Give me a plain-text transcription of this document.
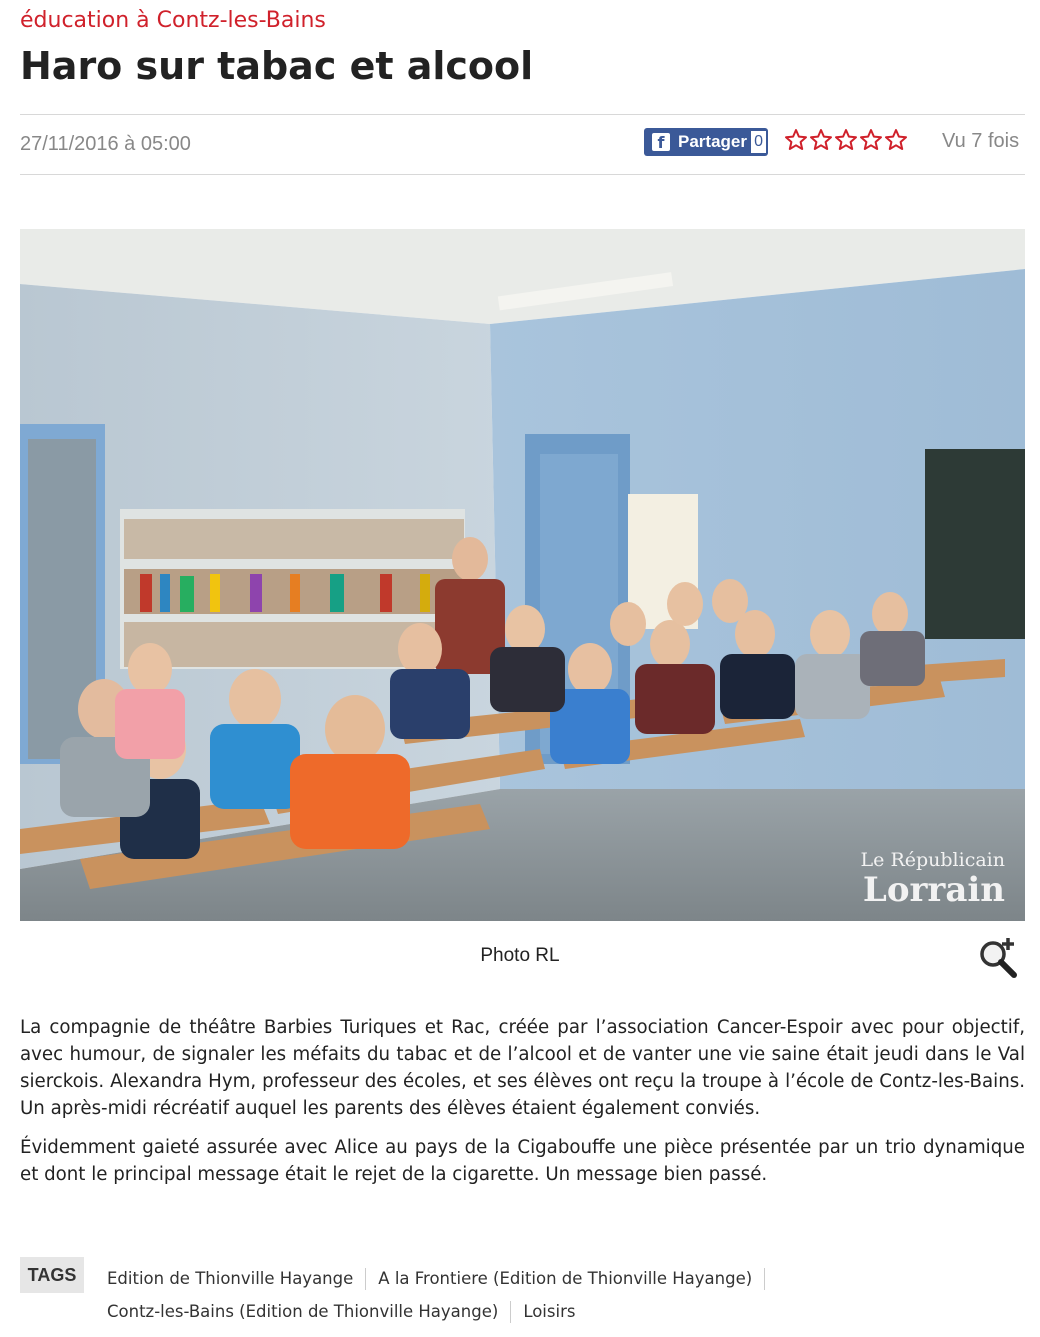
éducation à Contz-les-Bains
Haro sur tabac et alcool
27/11/2016 à 05:00	f Partager 0	Vu 7 fois
Le Républicain
Lorrain
Photo RL

La compagnie de théâtre Barbies Turiques et Rac, créée par l’association Cancer-Espoir avec pour objectif, avec humour, de signaler les méfaits du tabac et de l’alcool et de vanter une vie saine était jeudi dans le Val sierckois. Alexandra Hym, professeur des écoles, et ses élèves ont reçu la troupe à l’école de Contz-les-Bains. Un après-midi récréatif auquel les parents des élèves étaient également conviés.

Évidemment gaieté assurée avec Alice au pays de la Cigabouffe une pièce présentée par un trio dynamique et dont le principal message était le rejet de la cigarette. Un message bien passé.

TAGS	Edition de Thionville Hayange A la Frontiere (Edition de Thionville Hayange)
Contz-les-Bains (Edition de Thionville Hayange) Loisirs
